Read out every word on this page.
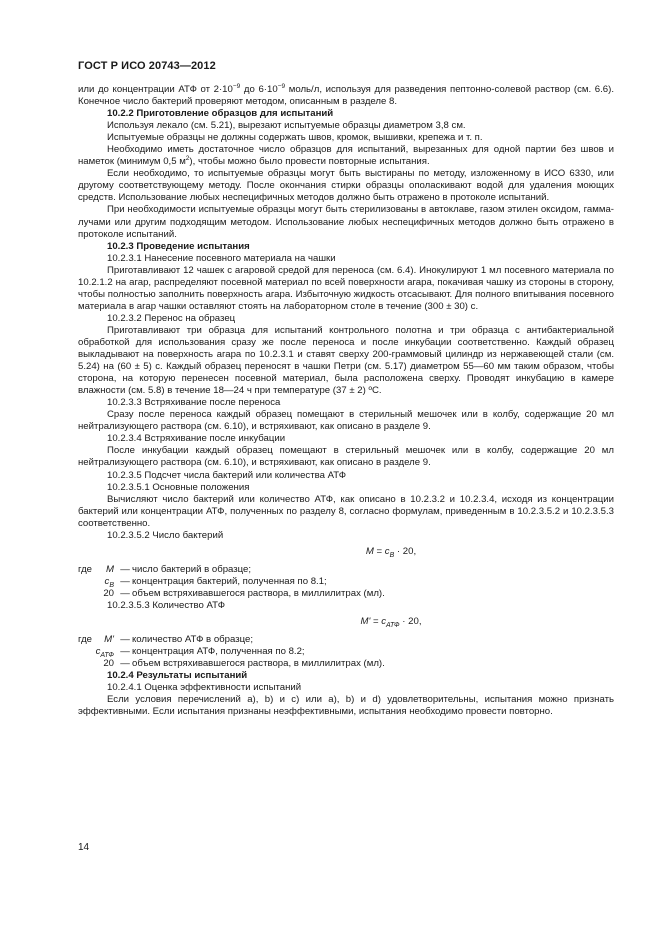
ГОСТ Р ИСО 20743—2012

или до концентрации АТФ от $2\cdot 10^{-9}$ до $6\cdot 10^{-9}$ моль/л, используя для разведения пептонно-солевой раствор (см. 6.6). Конечное число бактерий проверяют методом, описанным в разделе 8.

10.2.2 Приготовление образцов для испытаний

Используя лекало (см. 5.21), вырезают испытуемые образцы диаметром 3,8 см.

Испытуемые образцы не должны содержать швов, кромок, вышивки, крепежа и т. п.

Необходимо иметь достаточное число образцов для испытаний, вырезанных для одной партии без швов и наметок (минимум 0,5 $м^2$), чтобы можно было провести повторные испытания.

Если необходимо, то испытуемые образцы могут быть выстираны по методу, изложенному в ИСО 6330, или другому соответствующему методу. После окончания стирки образцы ополаскивают водой для удаления моющих средств. Использование любых неспецифичных методов должно быть отражено в протоколе испытаний.

При необходимости испытуемые образцы могут быть стерилизованы в автоклаве, газом этилен оксидом, гамма-лучами или другим подходящим методом. Использование любых неспецифичных методов должно быть отражено в протоколе испытаний.

10.2.3 Проведение испытания

10.2.3.1 Нанесение посевного материала на чашки

Приготавливают 12 чашек с агаровой средой для переноса (см. 6.4). Инокулируют 1 мл посевного материала по 10.2.1.2 на агар, распределяют посевной материал по всей поверхности агара, покачивая чашку из стороны в сторону, чтобы полностью заполнить поверхность агара. Избыточную жидкость отсасывают. Для полного впитывания посевного материала в агар чашки оставляют стоять на лабораторном столе в течение (300 ± 30) с.

10.2.3.2 Перенос на образец

Приготавливают три образца для испытаний контрольного полотна и три образца с антибактериальной обработкой для использования сразу же после переноса и после инкубации соответственно. Каждый образец выкладывают на поверхность агара по 10.2.3.1 и ставят сверху 200-граммовый цилиндр из нержавеющей стали (см. 5.24) на (60 ± 5) с. Каждый образец переносят в чашки Петри (см. 5.17) диаметром 55—60 мм таким образом, чтобы сторона, на которую перенесен посевной материал, была расположена сверху. Проводят инкубацию в камере влажности (см. 5.8) в течение 18—24 ч при температуре (37 ± 2) ºС.

10.2.3.3 Встряхивание после переноса

Сразу после переноса каждый образец помещают в стерильный мешочек или в колбу, содержащие 20 мл нейтрализующего раствора (см. 6.10), и встряхивают, как описано в разделе 9.

10.2.3.4 Встряхивание после инкубации

После инкубации каждый образец помещают в стерильный мешочек или в колбу, содержащие 20 мл нейтрализующего раствора (см. 6.10), и встряхивают, как описано в разделе 9.

10.2.3.5 Подсчет числа бактерий или количества АТФ

10.2.3.5.1 Основные положения

Вычисляют число бактерий или количество АТФ, как описано в 10.2.3.2 и 10.2.3.4, исходя из концентрации бактерий или концентрации АТФ, полученных по разделу 8, согласно формулам, приведенным в 10.2.3.5.2 и 10.2.3.5.3 соответственно.

10.2.3.5.2 Число бактерий

$M = c_B \cdot 20$,
где	M — число бактерий в образце;
$c_B$ — концентрация бактерий, полученная по 8.1;
20 — объем встряхивавшегося раствора, в миллилитрах (мл).

10.2.3.5.3 Количество АТФ

$M' = c_{АТФ} \cdot 20$,
где	M' — количество АТФ в образце;
$c_{АТФ}$ — концентрация АТФ, полученная по 8.2;
20 — объем встряхивавшегося раствора, в миллилитрах (мл).

10.2.4 Результаты испытаний

10.2.4.1 Оценка эффективности испытаний

Если условия перечислений a), b) и c) или a), b) и d) удовлетворительны, испытания можно признать эффективными. Если испытания признаны неэффективными, испытания необходимо провести повторно.

14
